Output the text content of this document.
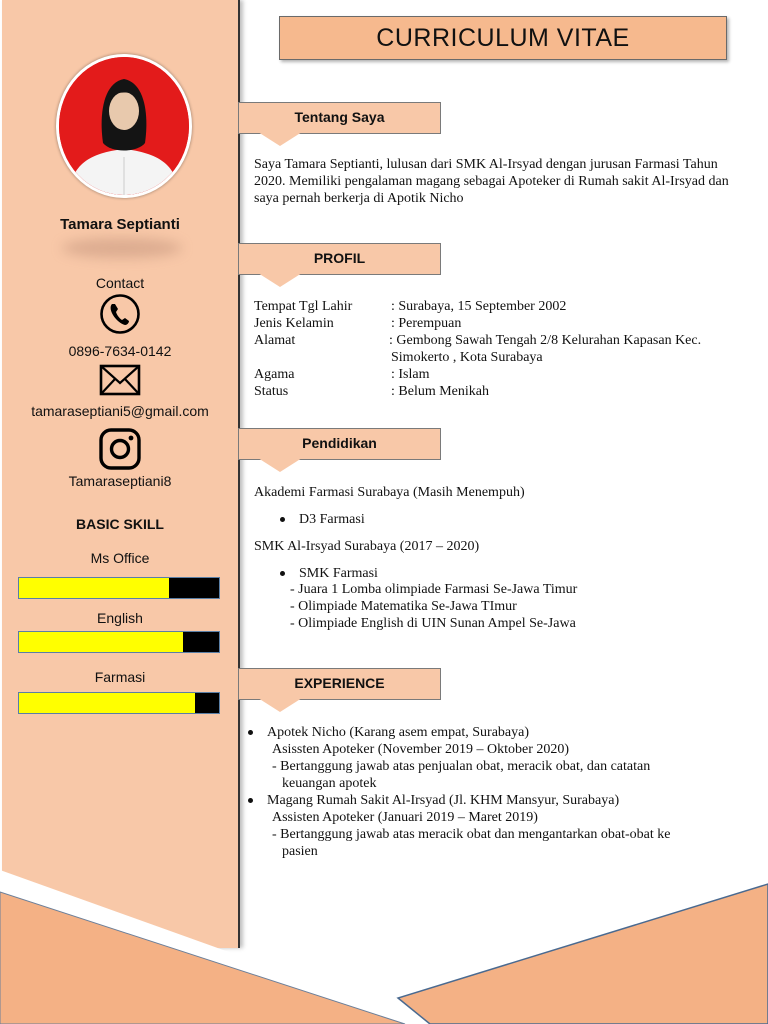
Tamara Septianti
Contact
0896-7634-0142
tamaraseptiani5@gmail.com
Tamaraseptiani8
BASIC SKILL
Ms Office
English
Farmasi
CURRICULUM VITAE
Tentang Saya
Saya Tamara Septianti, lulusan dari SMK Al-Irsyad dengan jurusan Farmasi Tahun
2020. Memiliki pengalaman magang sebagai Apoteker di Rumah sakit Al-Irsyad dan
saya pernah berkerja di Apotik Nicho
PROFIL
Tempat Tgl Lahir	: Surabaya, 15 September 2002
Jenis Kelamin	: Perempuan
Alamat	: Gembong Sawah Tengah 2/8 Kelurahan Kapasan Kec.
Simokerto , Kota Surabaya
Agama	: Islam
Status	: Belum Menikah
Pendidikan
Akademi Farmasi Surabaya (Masih Menempuh)
D3 Farmasi
SMK Al-Irsyad Surabaya (2017 – 2020)
SMK Farmasi
- Juara 1 Lomba olimpiade Farmasi Se-Jawa Timur
- Olimpiade Matematika Se-Jawa TImur
- Olimpiade English di UIN Sunan Ampel Se-Jawa
EXPERIENCE
Apotek Nicho (Karang asem empat, Surabaya)
Asissten Apoteker (November 2019 – Oktober 2020)
- Bertanggung jawab atas penjualan obat, meracik obat, dan catatan
keuangan apotek
Magang Rumah Sakit Al-Irsyad (Jl. KHM Mansyur, Surabaya)
Assisten Apoteker (Januari 2019 – Maret 2019)
- Bertanggung jawab atas meracik obat dan mengantarkan obat-obat ke
pasien
